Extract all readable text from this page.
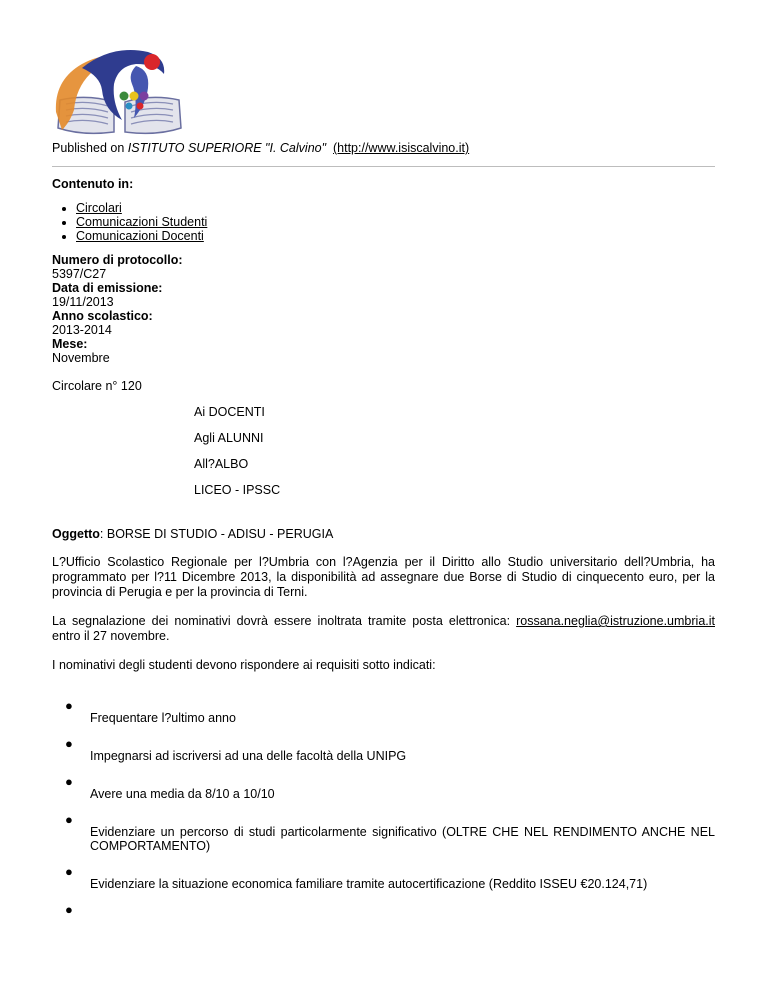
Published on ISTITUTO SUPERIORE "I. Calvino" (http://www.isiscalvino.it)
Contenuto in:
• Circolari
• Comunicazioni Studenti
• Comunicazioni Docenti
Numero di protocollo:
5397/C27
Data di emissione:
19/11/2013
Anno scolastico:
2013-2014
Mese:
Novembre
Circolare n° 120
Ai DOCENTI
Agli ALUNNI
All?ALBO
LICEO - IPSSC
Oggetto: BORSE DI STUDIO - ADISU - PERUGIA

L?Ufficio Scolastico Regionale per l?Umbria con l?Agenzia per il Diritto allo Studio universitario dell?Umbria, ha programmato per l?11 Dicembre 2013, la disponibilità ad assegnare due Borse di Studio di cinquecento euro, per la provincia di Perugia e per la provincia di Terni.

La segnalazione dei nominativi dovrà essere inoltrata tramite posta elettronica: rossana.neglia@istruzione.umbria.it entro il 27 novembre.

I nominativi degli studenti devono rispondere ai requisiti sotto indicati:

●
Frequentare l?ultimo anno
●
Impegnarsi ad iscriversi ad una delle facoltà della UNIPG
●
Avere una media da 8/10 a 10/10
●
Evidenziare un percorso di studi particolarmente significativo (OLTRE CHE NEL RENDIMENTO ANCHE NEL COMPORTAMENTO)
●
Evidenziare la situazione economica familiare tramite autocertificazione (Reddito ISSEU €20.124,71)
●
